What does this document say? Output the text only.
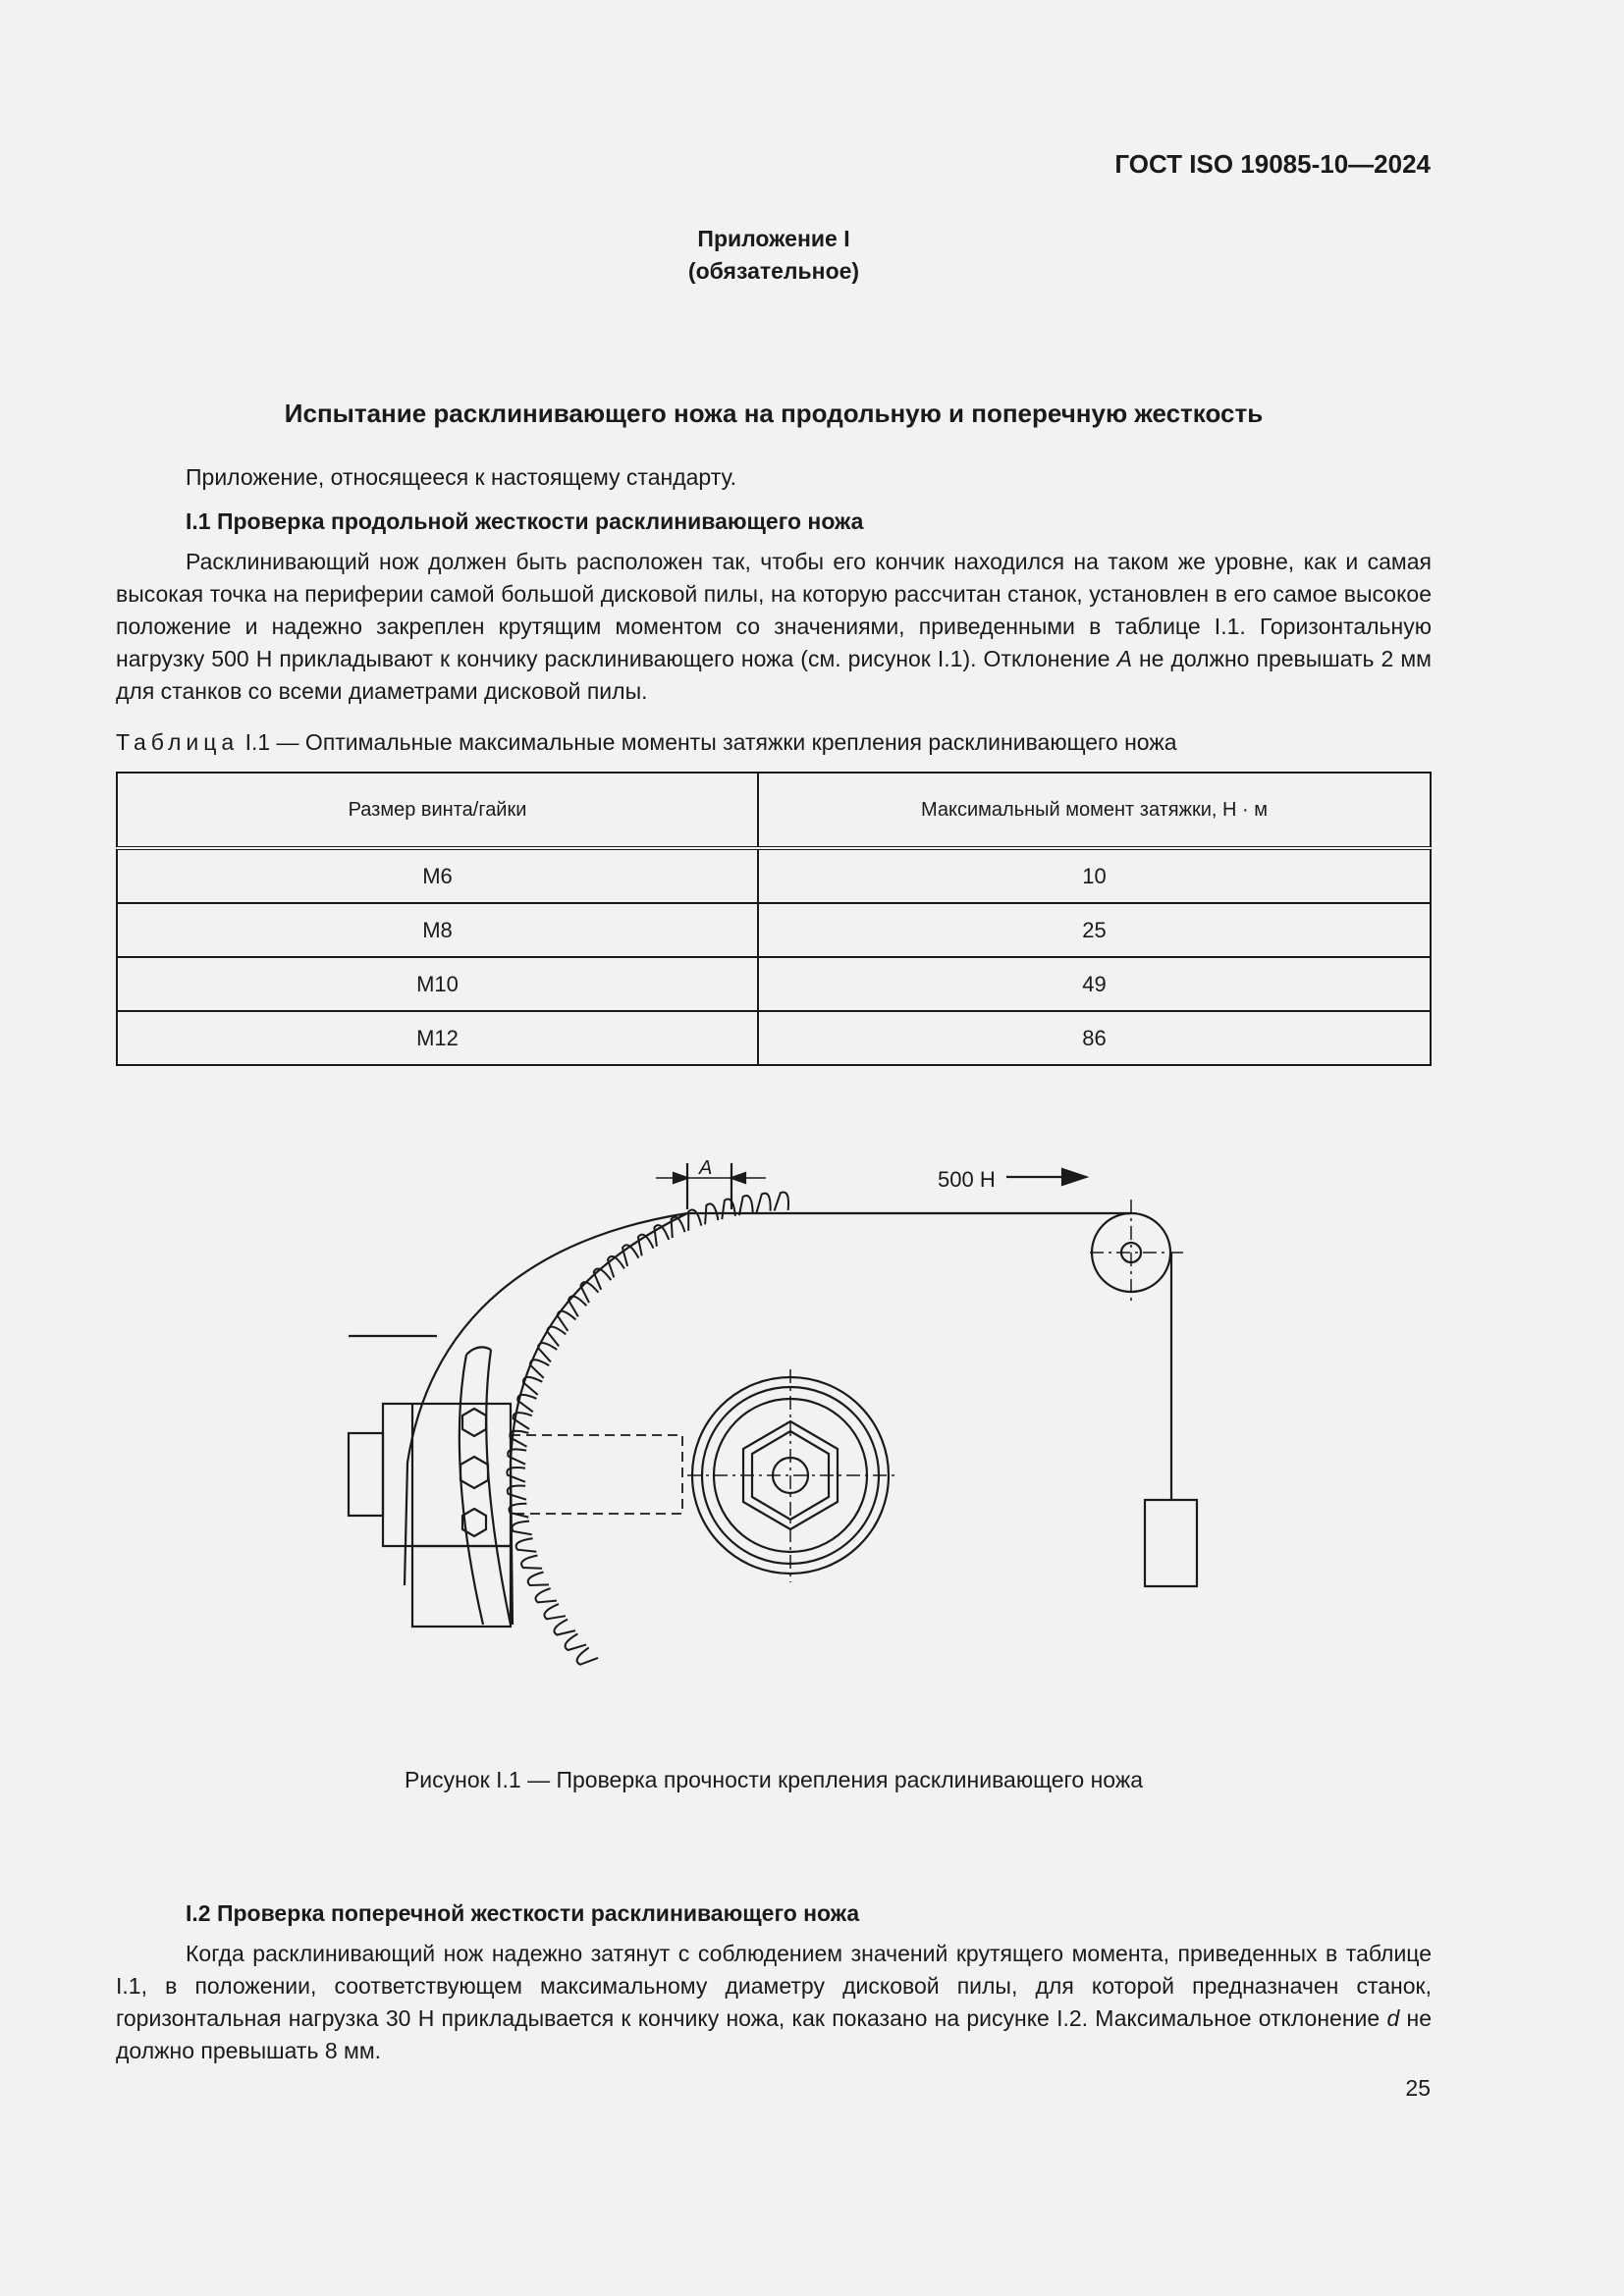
ГОСТ ISO 19085-10—2024
Приложение I
(обязательное)
Испытание расклинивающего ножа на продольную и поперечную жесткость
Приложение, относящееся к настоящему стандарту.
I.1 Проверка продольной жесткости расклинивающего ножа
Расклинивающий нож должен быть расположен так, чтобы его кончик находился на таком же уровне, как и самая высокая точка на периферии самой большой дисковой пилы, на которую рассчитан станок, установлен в его самое высокое положение и надежно закреплен крутящим моментом со значениями, приведенными в таблице I.1. Горизонтальную нагрузку 500 Н прикладывают к кончику расклинивающего ножа (см. рисунок I.1). Отклонение A не должно превышать 2 мм для станков со всеми диаметрами дисковой пилы.
Таблица I.1 — Оптимальные максимальные моменты затяжки крепления расклинивающего ножа
Размер винта/гайки	Максимальный момент затяжки, Н · м
M6	10
M8	25
M10	49
M12	86
A	500 Н
Рисунок I.1 — Проверка прочности крепления расклинивающего ножа
I.2 Проверка поперечной жесткости расклинивающего ножа
Когда расклинивающий нож надежно затянут с соблюдением значений крутящего момента, приведенных в таблице I.1, в положении, соответствующем максимальному диаметру дисковой пилы, для которой предназначен станок, горизонтальная нагрузка 30 Н прикладывается к кончику ножа, как показано на рисунке I.2. Максимальное отклонение d не должно превышать 8 мм.
25
